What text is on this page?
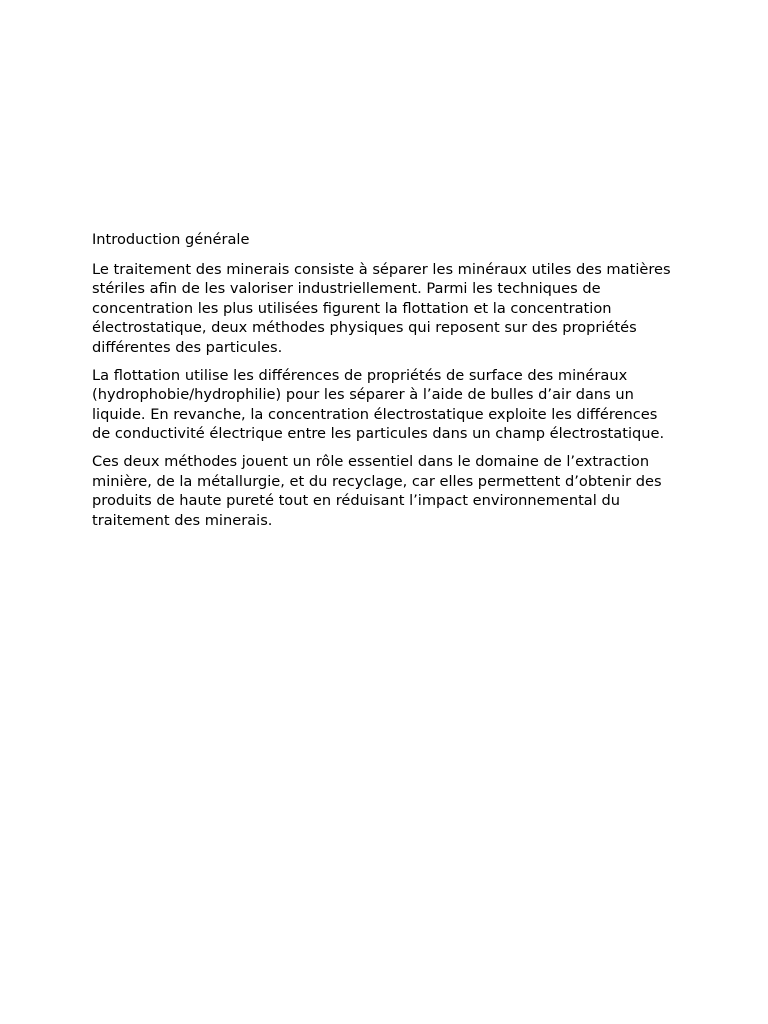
Introduction générale

Le traitement des minerais consiste à séparer les minéraux utiles des matières stériles afin de les valoriser industriellement. Parmi les techniques de concentration les plus utilisées figurent la flottation et la concentration électrostatique, deux méthodes physiques qui reposent sur des propriétés différentes des particules.

La flottation utilise les différences de propriétés de surface des minéraux (hydrophobie/hydrophilie) pour les séparer à l’aide de bulles d’air dans un liquide. En revanche, la concentration électrostatique exploite les différences de conductivité électrique entre les particules dans un champ électrostatique.

Ces deux méthodes jouent un rôle essentiel dans le domaine de l’extraction minière, de la métallurgie, et du recyclage, car elles permettent d’obtenir des produits de haute pureté tout en réduisant l’impact environnemental du traitement des minerais.
